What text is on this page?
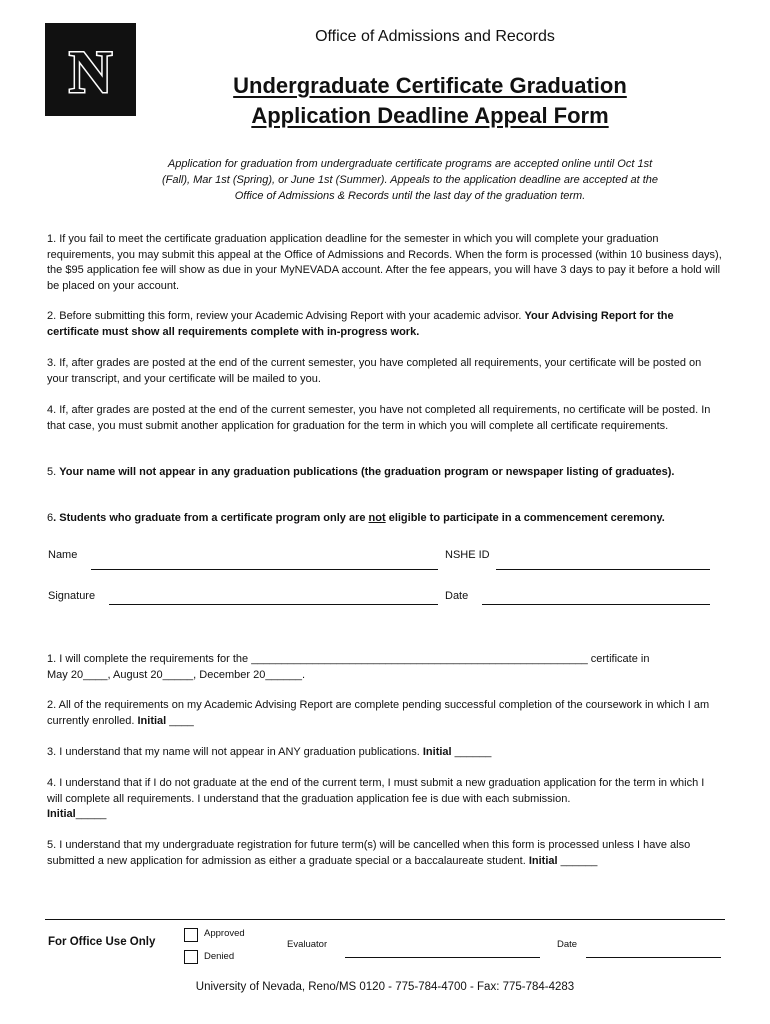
N
Office of Admissions and Records
Undergraduate Certificate Graduation
Application Deadline Appeal Form
Application for graduation from undergraduate certificate programs are accepted online until Oct 1st (Fall), Mar 1st (Spring), or June 1st (Summer). Appeals to the application deadline are accepted at the Office of Admissions & Records until the last day of the graduation term.
1. If you fail to meet the certificate graduation application deadline for the semester in which you will complete your graduation requirements, you may submit this appeal at the Office of Admissions and Records. When the form is processed (within 10 business days), the $95 application fee will show as due in your MyNEVADA account. After the fee appears, you will have 3 days to pay it before a hold will be placed on your account.
2. Before submitting this form, review your Academic Advising Report with your academic advisor. Your Advising Report for the certificate must show all requirements complete with in-progress work.
3. If, after grades are posted at the end of the current semester, you have completed all requirements, your certificate will be posted on your transcript, and your certificate will be mailed to you.
4. If, after grades are posted at the end of the current semester, you have not completed all requirements, no certificate will be posted. In that case, you must submit another application for graduation for the term in which you will complete all certificate requirements.
5. Your name will not appear in any graduation publications (the graduation program or newspaper listing of graduates).
6. Students who graduate from a certificate program only are not eligible to participate in a commencement ceremony.
Name	NSHE ID
Signature	Date
1. I will complete the requirements for the _______________________________________________________ certificate in
May 20____, August 20_____, December 20______.
2. All of the requirements on my Academic Advising Report are complete pending successful completion of the coursework in which I am currently enrolled. Initial ____
3. I understand that my name will not appear in ANY graduation publications. Initial ______
4. I understand that if I do not graduate at the end of the current term, I must submit a new graduation application for the term in which I will complete all requirements. I understand that the graduation application fee is due with each submission.
Initial_____
5. I understand that my undergraduate registration for future term(s) will be cancelled when this form is processed unless I have also submitted a new application for admission as either a graduate special or a baccalaureate student. Initial ______
For Office Use Only
Approved
Denied
Evaluator	Date
University of Nevada, Reno/MS 0120 - 775-784-4700 - Fax: 775-784-4283
